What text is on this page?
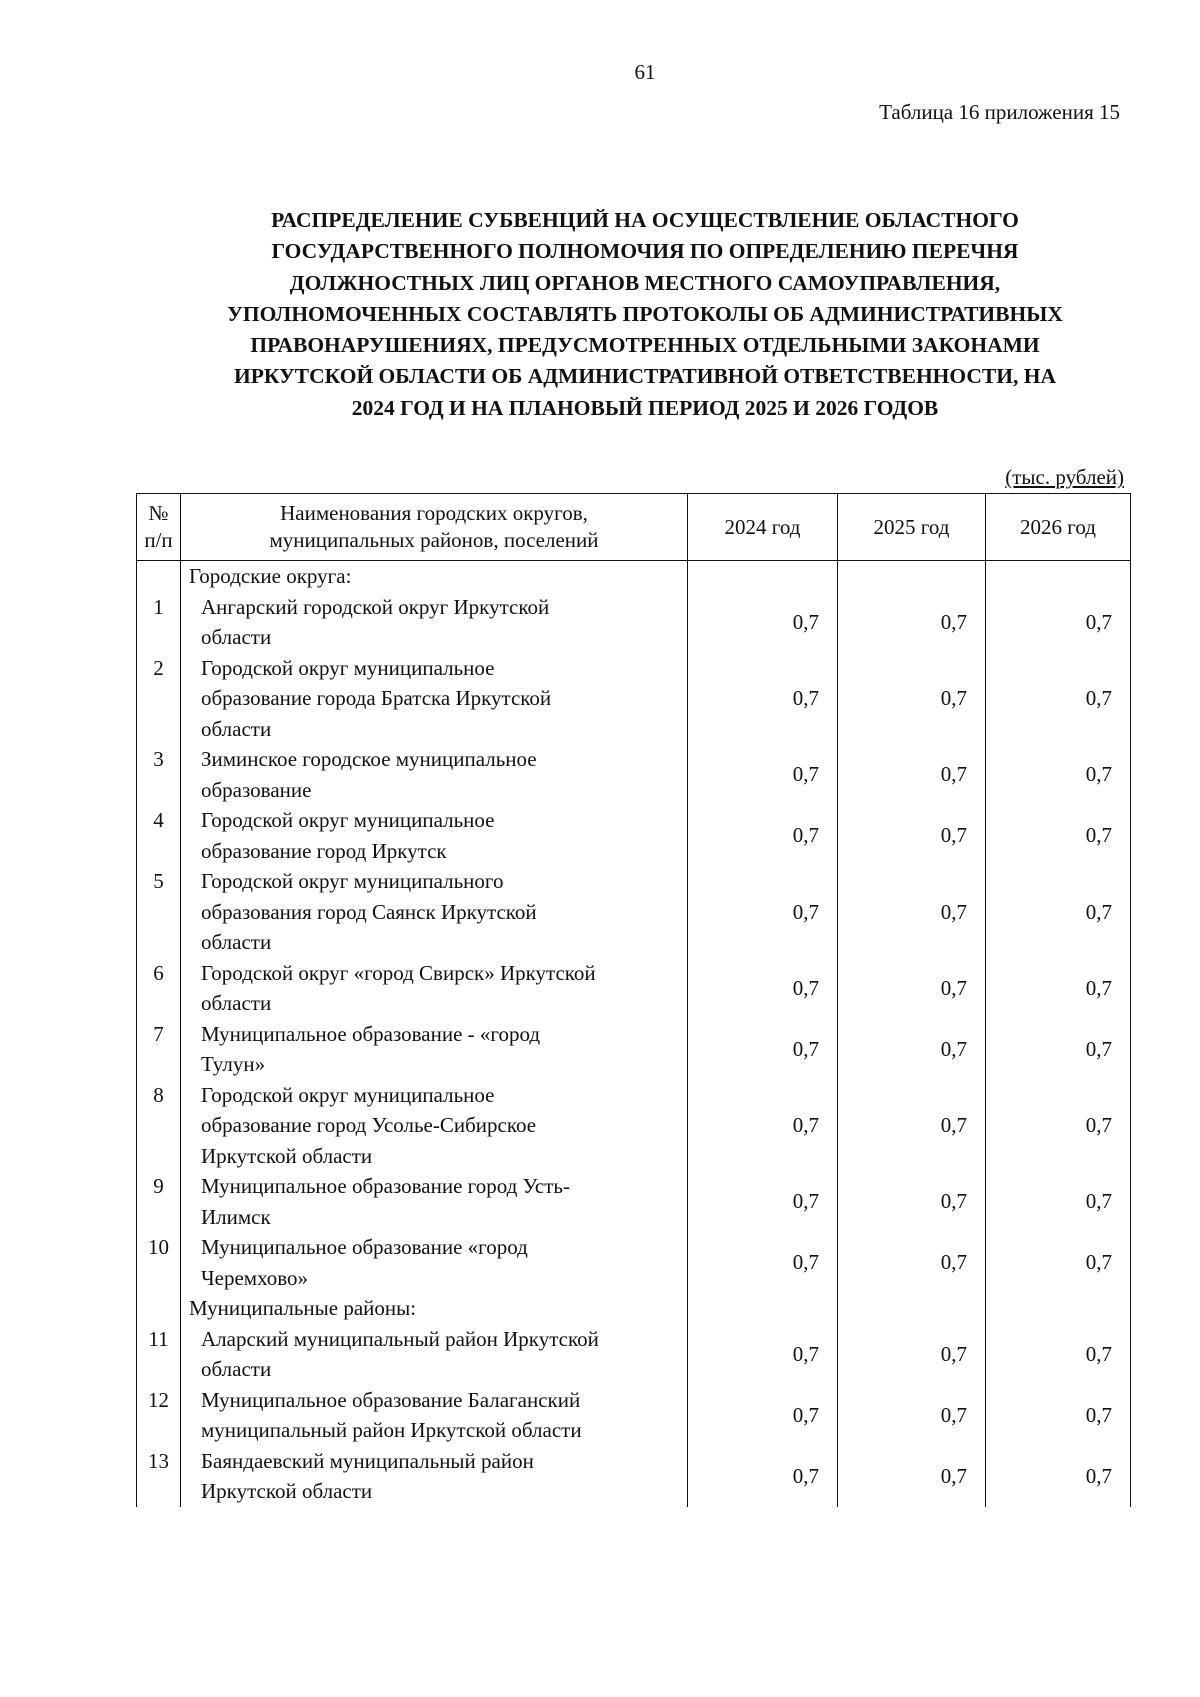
61
Таблица 16 приложения 15
РАСПРЕДЕЛЕНИЕ СУБВЕНЦИЙ НА ОСУЩЕСТВЛЕНИЕ ОБЛАСТНОГО
ГОСУДАРСТВЕННОГО ПОЛНОМОЧИЯ ПО ОПРЕДЕЛЕНИЮ ПЕРЕЧНЯ
ДОЛЖНОСТНЫХ ЛИЦ ОРГАНОВ МЕСТНОГО САМОУПРАВЛЕНИЯ,
УПОЛНОМОЧЕННЫХ СОСТАВЛЯТЬ ПРОТОКОЛЫ ОБ АДМИНИСТРАТИВНЫХ
ПРАВОНАРУШЕНИЯХ, ПРЕДУСМОТРЕННЫХ ОТДЕЛЬНЫМИ ЗАКОНАМИ
ИРКУТСКОЙ ОБЛАСТИ ОБ АДМИНИСТРАТИВНОЙ ОТВЕТСТВЕННОСТИ, НА
2024 ГОД И НА ПЛАНОВЫЙ ПЕРИОД 2025 И 2026 ГОДОВ
(тыс. рублей)
№
п/п	Наименования городских округов,
муниципальных районов, поселений	2024 год	2025 год	2026 год
	Городские округа:			
1	Ангарский городской округ Иркутской
области	0,7	0,7	0,7
2	Городской округ муниципальное
образование города Братска Иркутской
области	0,7	0,7	0,7
3	Зиминское городское муниципальное
образование	0,7	0,7	0,7
4	Городской округ муниципальное
образование город Иркутск	0,7	0,7	0,7
5	Городской округ муниципального
образования город Саянск Иркутской
области	0,7	0,7	0,7
6	Городской округ «город Свирск» Иркутской
области	0,7	0,7	0,7
7	Муниципальное образование - «город
Тулун»	0,7	0,7	0,7
8	Городской округ муниципальное
образование город Усолье-Сибирское
Иркутской области	0,7	0,7	0,7
9	Муниципальное образование город Усть-
Илимск	0,7	0,7	0,7
10	Муниципальное образование «город
Черемхово»	0,7	0,7	0,7
	Муниципальные районы:			
11	Аларский муниципальный район Иркутской
области	0,7	0,7	0,7
12	Муниципальное образование Балаганский
муниципальный район Иркутской области	0,7	0,7	0,7
13	Баяндаевский муниципальный район
Иркутской области	0,7	0,7	0,7
